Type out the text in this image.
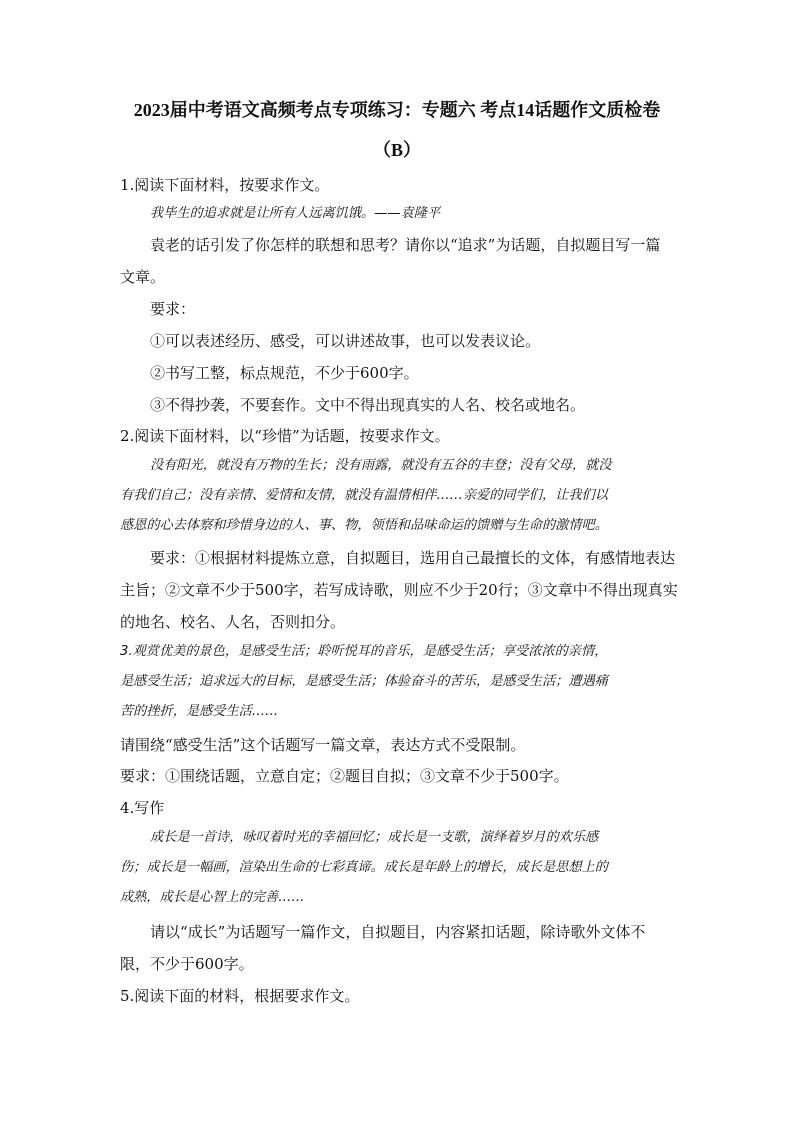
2023届中考语文高频考点专项练习：专题六 考点14话题作文质检卷
（B）
1.阅读下面材料，按要求作文。
我毕生的追求就是让所有人远离饥饿。——袁隆平
袁老的话引发了你怎样的联想和思考？请你以“追求”为话题，自拟题目写一篇
文章。
要求：
①可以表述经历、感受，可以讲述故事，也可以发表议论。
②书写工整，标点规范，不少于600字。
③不得抄袭，不要套作。文中不得出现真实的人名、校名或地名。
2.阅读下面材料，以“珍惜”为话题，按要求作文。
没有阳光，就没有万物的生长；没有雨露，就没有五谷的丰登；没有父母，就没
有我们自己；没有亲情、爱情和友情，就没有温情相伴……亲爱的同学们，让我们以
感恩的心去体察和珍惜身边的人、事、物，领悟和品味命运的馈赠与生命的激情吧。
要求：①根据材料提炼立意，自拟题目，选用自己最擅长的文体，有感情地表达
主旨；②文章不少于500字，若写成诗歌，则应不少于20行；③文章中不得出现真实
的地名、校名、人名，否则扣分。
3.观赏优美的景色，是感受生活；聆听悦耳的音乐，是感受生活；享受浓浓的亲情，
是感受生活；追求远大的目标，是感受生活；体验奋斗的苦乐，是感受生活；遭遇痛
苦的挫折，是感受生活……
请围绕“感受生活”这个话题写一篇文章，表达方式不受限制。
要求：①围绕话题，立意自定；②题目自拟；③文章不少于500字。
4.写作
成长是一首诗，咏叹着时光的幸福回忆；成长是一支歌，演绎着岁月的欢乐感
伤；成长是一幅画，渲染出生命的七彩真谛。成长是年龄上的增长，成长是思想上的
成熟，成长是心智上的完善……
请以“成长”为话题写一篇作文，自拟题目，内容紧扣话题，除诗歌外文体不
限，不少于600字。
5.阅读下面的材料，根据要求作文。
